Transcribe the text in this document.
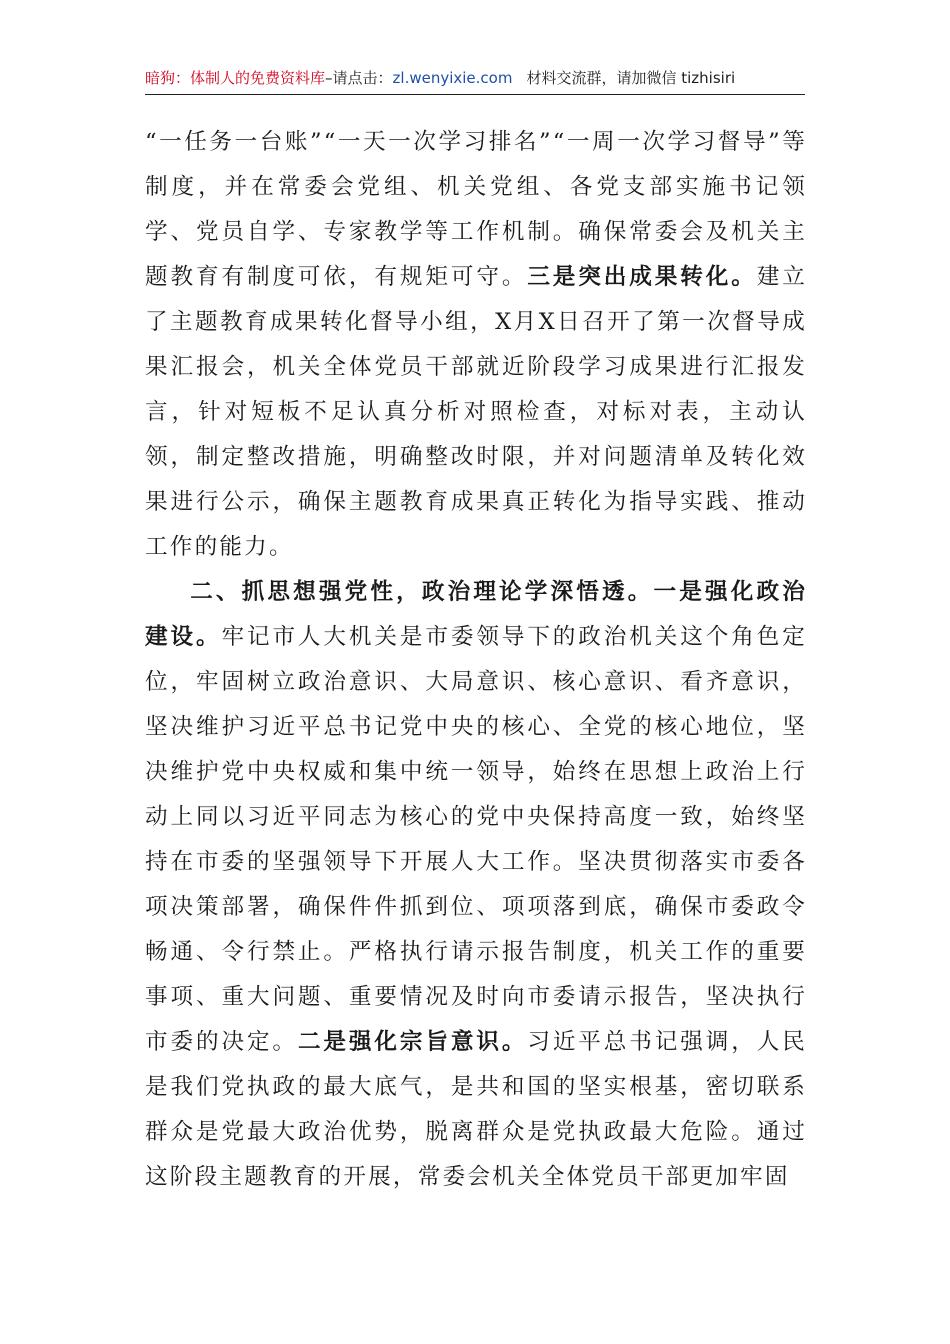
暗狗：体制人的免费资料库–请点击：zl.wenyixie.com 材料交流群，请加微信 tizhisiri

“一任务一台账”“一天一次学习排名”“一周一次学习督导”等制度，并在常委会党组、机关党组、各党支部实施书记领学、党员自学、专家教学等工作机制。确保常委会及机关主题教育有制度可依，有规矩可守。三是突出成果转化。建立了主题教育成果转化督导小组，X月X日召开了第一次督导成果汇报会，机关全体党员干部就近阶段学习成果进行汇报发言，针对短板不足认真分析对照检查，对标对表，主动认领，制定整改措施，明确整改时限，并对问题清单及转化效果进行公示，确保主题教育成果真正转化为指导实践、推动工作的能力。

二、抓思想强党性，政治理论学深悟透。一是强化政治建设。牢记市人大机关是市委领导下的政治机关这个角色定位，牢固树立政治意识、大局意识、核心意识、看齐意识，坚决维护习近平总书记党中央的核心、全党的核心地位，坚决维护党中央权威和集中统一领导，始终在思想上政治上行动上同以习近平同志为核心的党中央保持高度一致，始终坚持在市委的坚强领导下开展人大工作。坚决贯彻落实市委各项决策部署，确保件件抓到位、项项落到底，确保市委政令畅通、令行禁止。严格执行请示报告制度，机关工作的重要事项、重大问题、重要情况及时向市委请示报告，坚决执行市委的决定。二是强化宗旨意识。习近平总书记强调，人民是我们党执政的最大底气，是共和国的坚实根基，密切联系群众是党最大政治优势，脱离群众是党执政最大危险。通过这阶段主题教育的开展，常委会机关全体党员干部更加牢固
